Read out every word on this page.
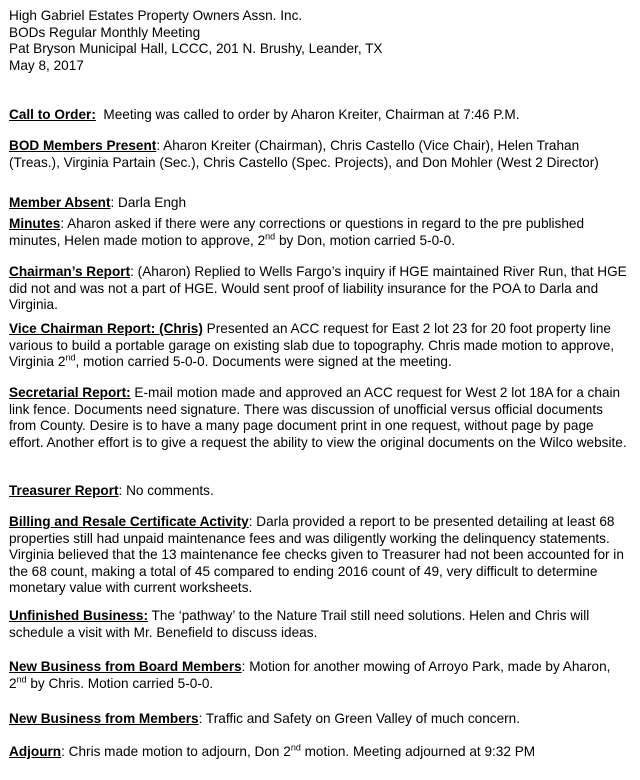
High Gabriel Estates Property Owners Assn. Inc.
BODs Regular Monthly Meeting
Pat Bryson Municipal Hall, LCCC, 201 N. Brushy, Leander, TX
May 8, 2017
Call to Order: Meeting was called to order by Aharon Kreiter, Chairman at 7:46 P.M.
BOD Members Present: Aharon Kreiter (Chairman), Chris Castello (Vice Chair), Helen Trahan (Treas.), Virginia Partain (Sec.), Chris Castello (Spec. Projects), and Don Mohler (West 2 Director)
Member Absent: Darla Engh
Minutes: Aharon asked if there were any corrections or questions in regard to the pre published minutes, Helen made motion to approve, 2nd by Don, motion carried 5-0-0.
Chairman’s Report: (Aharon) Replied to Wells Fargo’s inquiry if HGE maintained River Run, that HGE did not and was not a part of HGE. Would sent proof of liability insurance for the POA to Darla and Virginia.
Vice Chairman Report: (Chris) Presented an ACC request for East 2 lot 23 for 20 foot property line various to build a portable garage on existing slab due to topography. Chris made motion to approve, Virginia 2nd, motion carried 5-0-0. Documents were signed at the meeting.
Secretarial Report: E-mail motion made and approved an ACC request for West 2 lot 18A for a chain link fence. Documents need signature. There was discussion of unofficial versus official documents from County. Desire is to have a many page document print in one request, without page by page effort. Another effort is to give a request the ability to view the original documents on the Wilco website.
Treasurer Report: No comments.
Billing and Resale Certificate Activity: Darla provided a report to be presented detailing at least 68 properties still had unpaid maintenance fees and was diligently working the delinquency statements. Virginia believed that the 13 maintenance fee checks given to Treasurer had not been accounted for in the 68 count, making a total of 45 compared to ending 2016 count of 49, very difficult to determine monetary value with current worksheets.
Unfinished Business: The ‘pathway’ to the Nature Trail still need solutions. Helen and Chris will schedule a visit with Mr. Benefield to discuss ideas.
New Business from Board Members: Motion for another mowing of Arroyo Park, made by Aharon, 2nd by Chris. Motion carried 5-0-0.
New Business from Members: Traffic and Safety on Green Valley of much concern.
Adjourn: Chris made motion to adjourn, Don 2nd motion. Meeting adjourned at 9:32 PM
